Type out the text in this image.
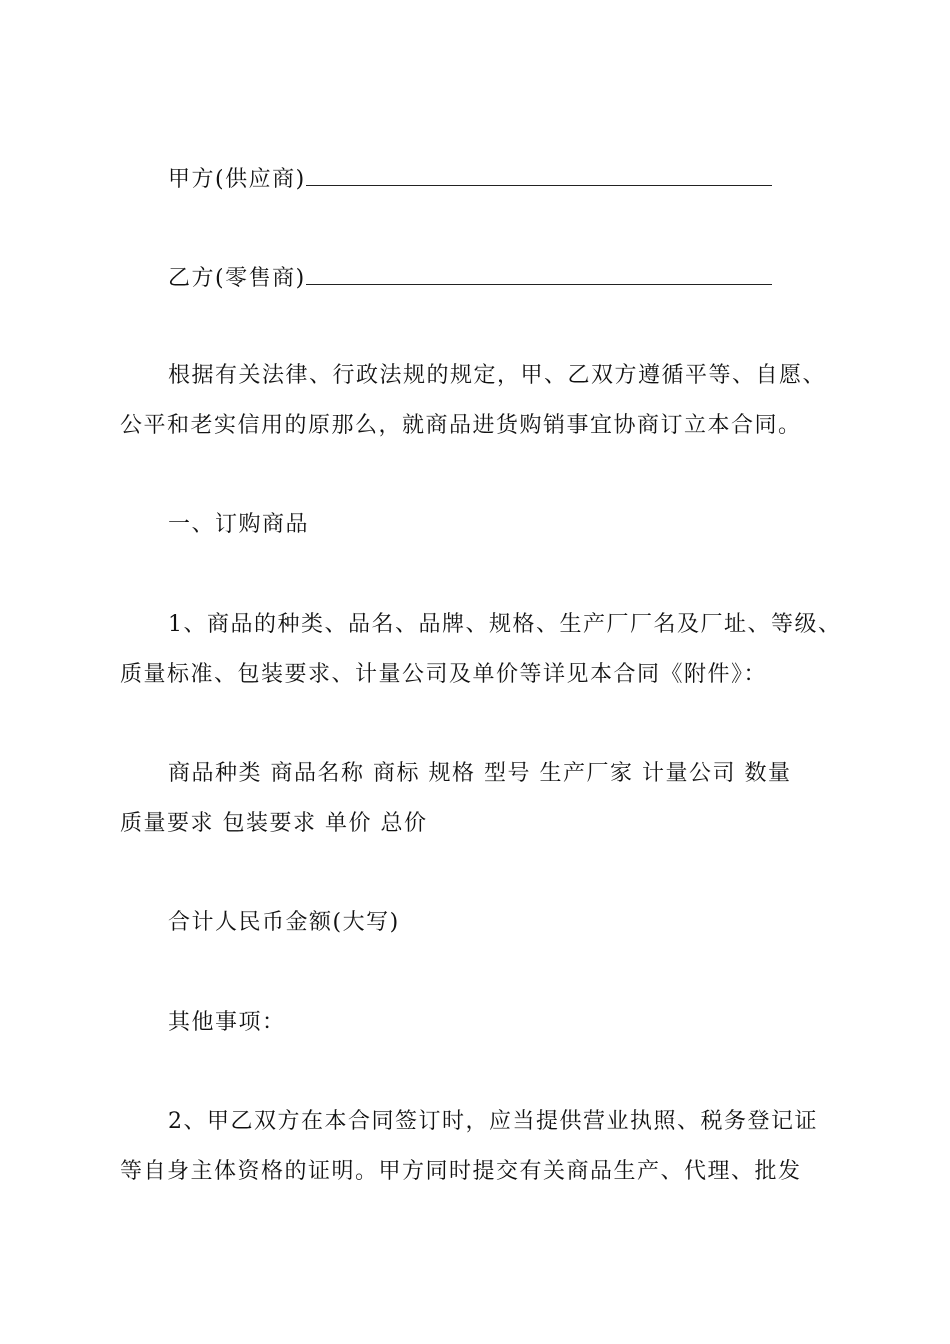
甲方(供应商)
乙方(零售商)
根据有关法律、行政法规的规定，甲、乙双方遵循平等、自愿、
公平和老实信用的原那么，就商品进货购销事宜协商订立本合同。
一、订购商品
1、商品的种类、品名、品牌、规格、生产厂厂名及厂址、等级、
质量标准、包装要求、计量公司及单价等详见本合同《附件》：
商品种类 商品名称 商标 规格 型号 生产厂家 计量公司 数量
质量要求 包装要求 单价 总价
合计人民币金额(大写)
其他事项：
2、甲乙双方在本合同签订时，应当提供营业执照、税务登记证
等自身主体资格的证明。甲方同时提交有关商品生产、代理、批发
